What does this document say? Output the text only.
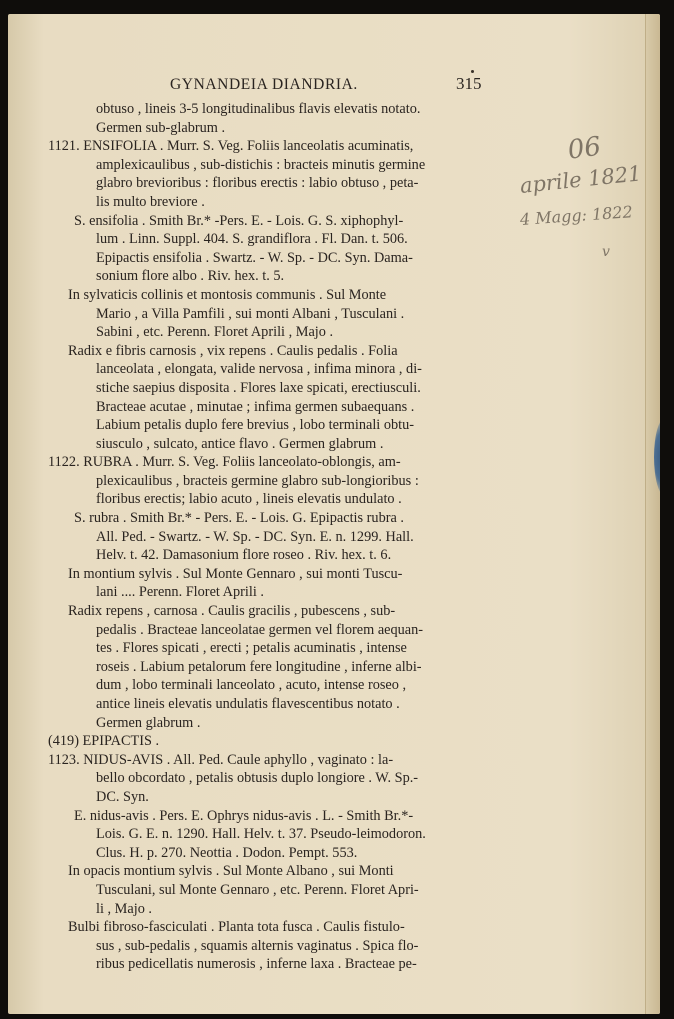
GYNANDEIA DIANDRIA.	315
obtuso , lineis 3-5 longitudinalibus flavis elevatis notato.
Germen sub-glabrum .
1121. ENSIFOLIA . Murr. S. Veg. Foliis lanceolatis acuminatis,
amplexicaulibus , sub-distichis : bracteis minutis germine
glabro brevioribus : floribus erectis : labio obtuso , peta-
lis multo breviore .
S. ensifolia . Smith Br.* -Pers. E. - Lois. G. S. xiphophyl-
lum . Linn. Suppl. 404. S. grandiflora . Fl. Dan. t. 506.
Epipactis ensifolia . Swartz. - W. Sp. - DC. Syn. Dama-
sonium flore albo . Riv. hex. t. 5.
In sylvaticis collinis et montosis communis . Sul Monte
Mario , a Villa Pamfili , sui monti Albani , Tusculani .
Sabini , etc. Perenn. Floret Aprili , Majo .
Radix e fibris carnosis , vix repens . Caulis pedalis . Folia
lanceolata , elongata, valide nervosa , infima minora , di-
stiche saepius disposita . Flores laxe spicati, erectiusculi.
Bracteae acutae , minutae ; infima germen subaequans .
Labium petalis duplo fere brevius , lobo terminali obtu-
siusculo , sulcato, antice flavo . Germen glabrum .
1122. RUBRA . Murr. S. Veg. Foliis lanceolato-oblongis, am-
plexicaulibus , bracteis germine glabro sub-longioribus :
floribus erectis; labio acuto , lineis elevatis undulato .
S. rubra . Smith Br.* - Pers. E. - Lois. G. Epipactis rubra .
All. Ped. - Swartz. - W. Sp. - DC. Syn. E. n. 1299. Hall.
Helv. t. 42. Damasonium flore roseo . Riv. hex. t. 6.
In montium sylvis . Sul Monte Gennaro , sui monti Tuscu-
lani .... Perenn. Floret Aprili .
Radix repens , carnosa . Caulis gracilis , pubescens , sub-
pedalis . Bracteae lanceolatae germen vel florem aequan-
tes . Flores spicati , erecti ; petalis acuminatis , intense
roseis . Labium petalorum fere longitudine , inferne albi-
dum , lobo terminali lanceolato , acuto, intense roseo ,
antice lineis elevatis undulatis flavescentibus notato .
Germen glabrum .
(419) EPIPACTIS .
1123. NIDUS-AVIS . All. Ped. Caule aphyllo , vaginato : la-
bello obcordato , petalis obtusis duplo longiore . W. Sp.-
DC. Syn.
E. nidus-avis . Pers. E. Ophrys nidus-avis . L. - Smith Br.*-
Lois. G. E. n. 1290. Hall. Helv. t. 37. Pseudo-leimodoron.
Clus. H. p. 270. Neottia . Dodon. Pempt. 553.
In opacis montium sylvis . Sul Monte Albano , sui Monti
Tusculani, sul Monte Gennaro , etc. Perenn. Floret Apri-
li , Majo .
Bulbi fibroso-fasciculati . Planta tota fusca . Caulis fistulo-
sus , sub-pedalis , squamis alternis vaginatus . Spica flo-
ribus pedicellatis numerosis , inferne laxa . Bracteae pe-
06
aprile 1821
4 Magg: 1822
v
